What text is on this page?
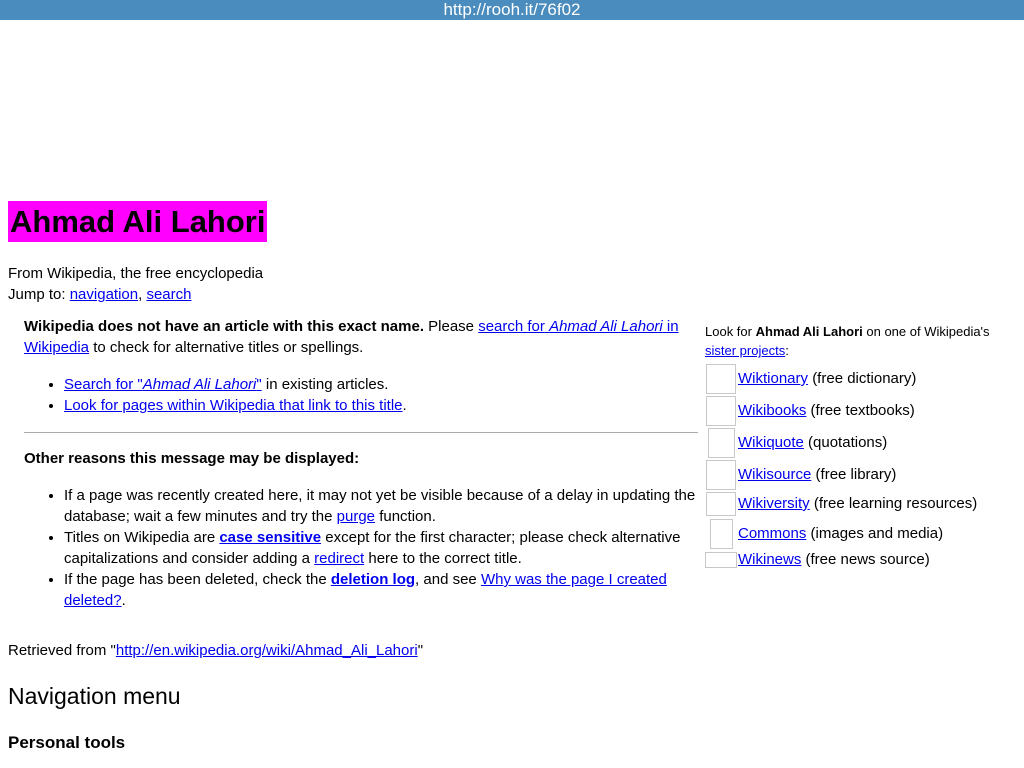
http://rooh.it/76f02
Ahmad Ali Lahori
From Wikipedia, the free encyclopedia
Jump to: navigation, search

Wikipedia does not have an article with this exact name. Please search for Ahmad Ali Lahori in Wikipedia to check for alternative titles or spellings.

• Search for "Ahmad Ali Lahori" in existing articles.
• Look for pages within Wikipedia that link to this title.

Other reasons this message may be displayed:

• If a page was recently created here, it may not yet be visible because of a delay in updating the database; wait a few minutes and try the purge function.
• Titles on Wikipedia are case sensitive except for the first character; please check alternative capitalizations and consider adding a redirect here to the correct title.
• If the page has been deleted, check the deletion log, and see Why was the page I created deleted?.
Look for Ahmad Ali Lahori on one of Wikipedia's sister projects:
Wiktionary (free dictionary)
Wikibooks (free textbooks)
Wikiquote (quotations)
Wikisource (free library)
Wikiversity (free learning resources)
Commons (images and media)
Wikinews (free news source)
Retrieved from "http://en.wikipedia.org/wiki/Ahmad_Ali_Lahori"
Navigation menu
Personal tools
